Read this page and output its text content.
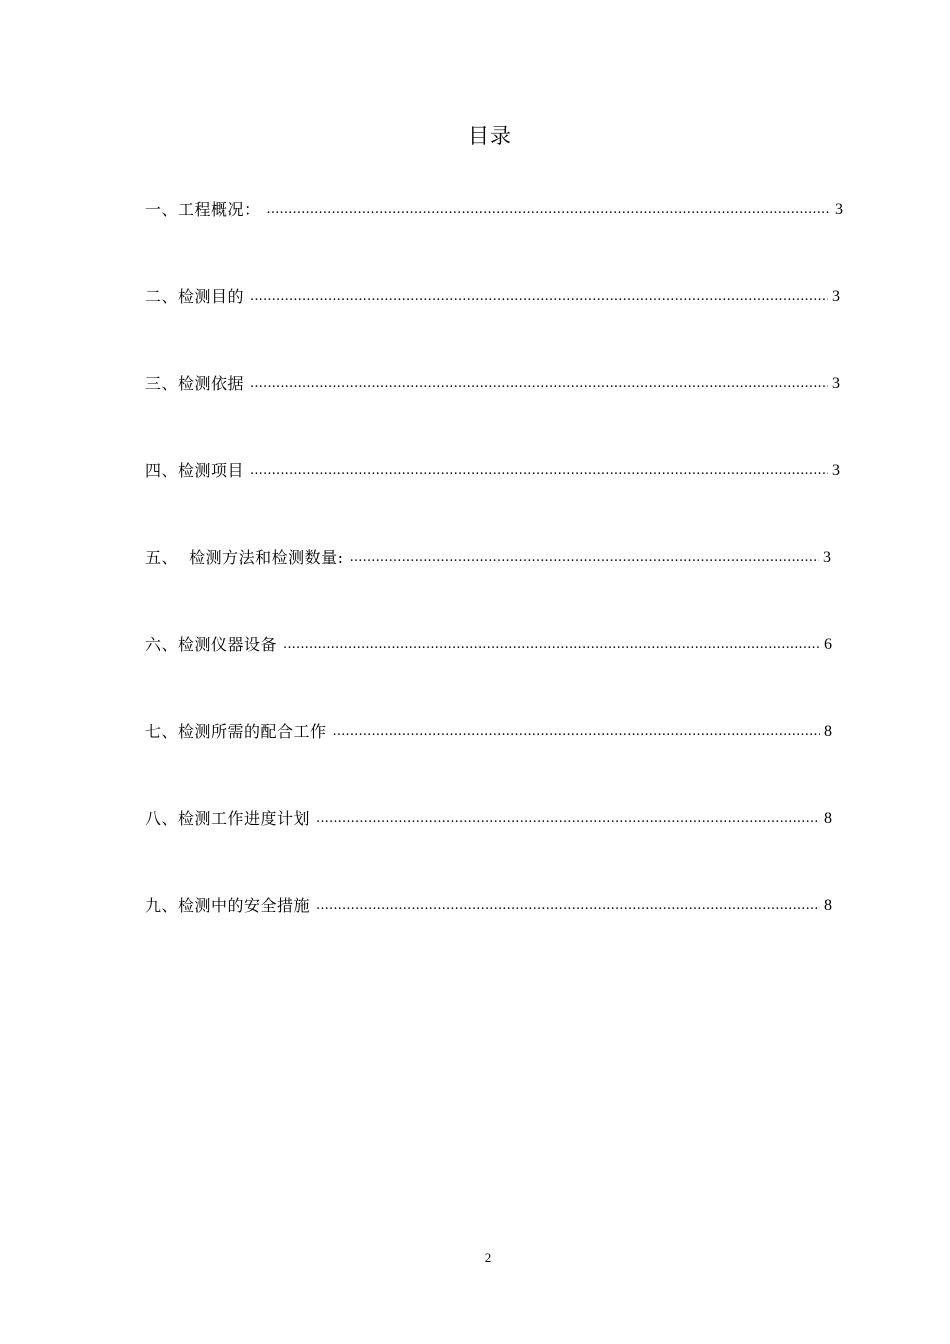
目录
一、工程概况： .....	3
二、检测目的 .....	3
三、检测依据 .....	3
四、检测项目 .....	3
五、  检测方法和检测数量: .....	3
六、检测仪器设备 .....	6
七、检测所需的配合工作 .....	8
八、检测工作进度计划 .....	8
九、检测中的安全措施 .....	8
2
